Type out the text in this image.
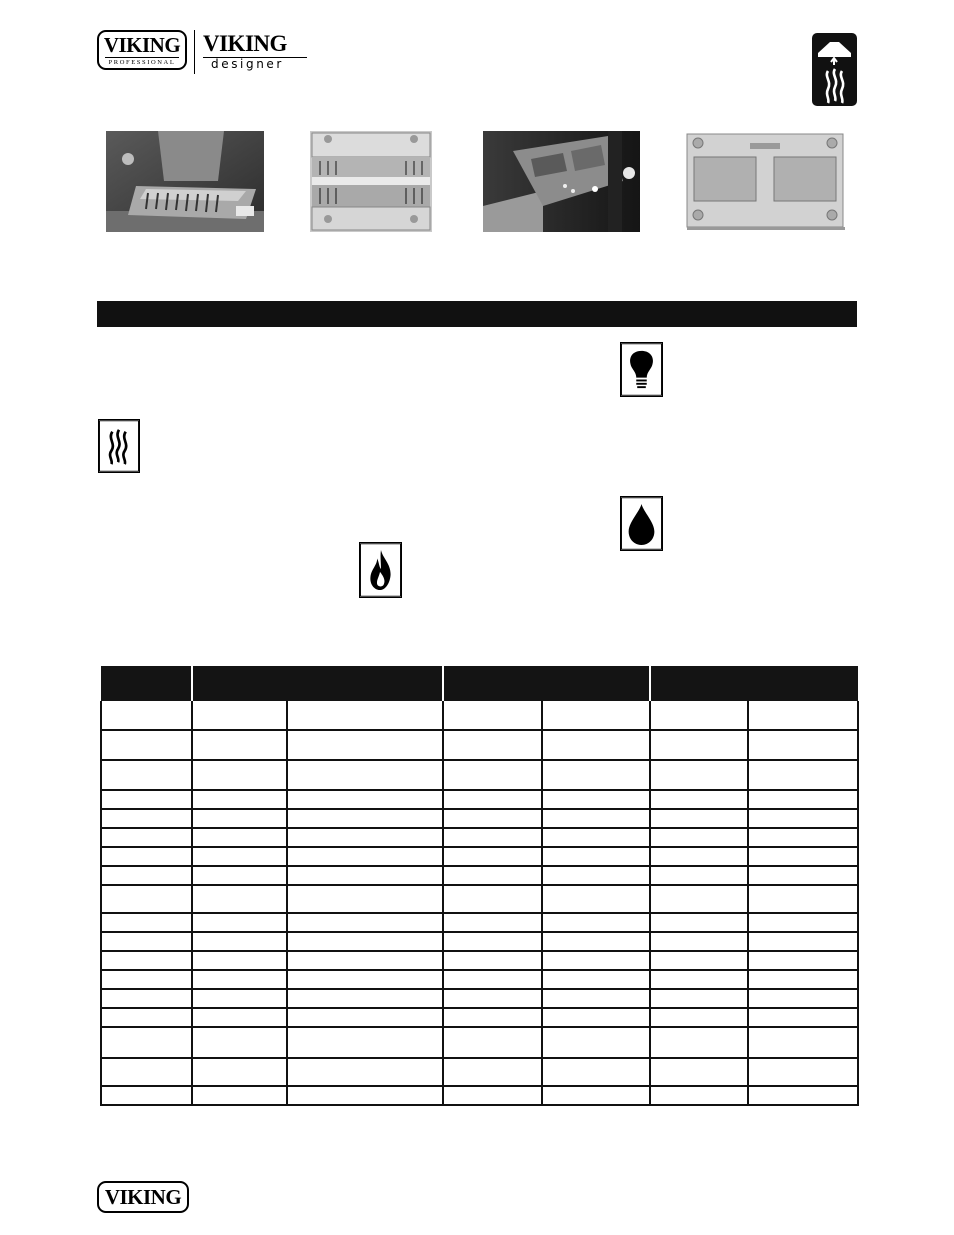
VIKING
PROFESSIONAL
VIKING
designer

VIKING
